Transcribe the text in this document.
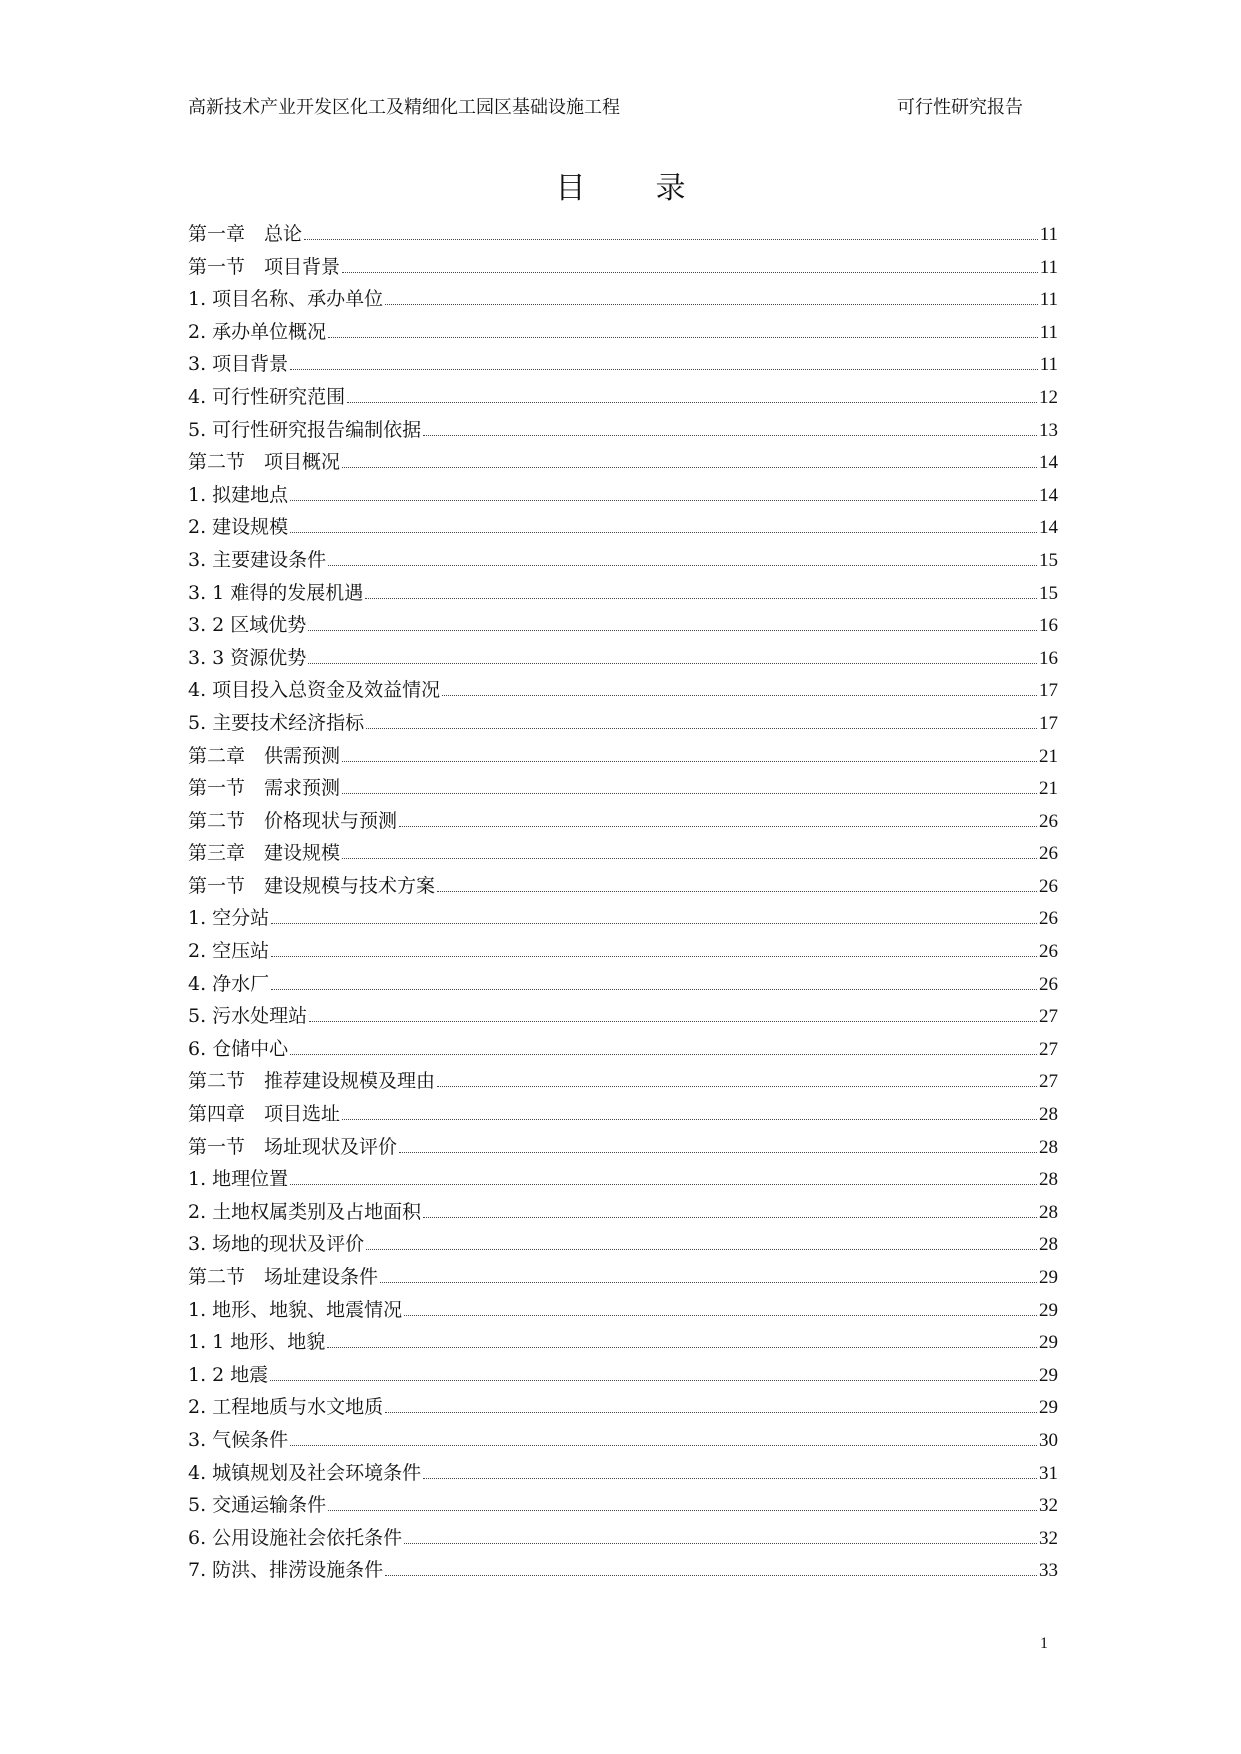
高新技术产业开发区化工及精细化工园区基础设施工程	可行性研究报告
目录
第一章　总论	11
第一节　项目背景	11
1. 项目名称、承办单位	11
2. 承办单位概况	11
3. 项目背景	11
4. 可行性研究范围	12
5. 可行性研究报告编制依据	13
第二节　项目概况	14
1. 拟建地点	14
2. 建设规模	14
3. 主要建设条件	15
3. 1 难得的发展机遇	15
3. 2 区域优势	16
3. 3 资源优势	16
4. 项目投入总资金及效益情况	17
5. 主要技术经济指标	17
第二章　供需预测	21
第一节　需求预测	21
第二节　价格现状与预测	26
第三章　建设规模	26
第一节　建设规模与技术方案	26
1. 空分站	26
2. 空压站	26
4. 净水厂	26
5. 污水处理站	27
6. 仓储中心	27
第二节　推荐建设规模及理由	27
第四章　项目选址	28
第一节　场址现状及评价	28
1. 地理位置	28
2. 土地权属类别及占地面积	28
3. 场地的现状及评价	28
第二节　场址建设条件	29
1. 地形、地貌、地震情况	29
1. 1 地形、地貌	29
1. 2 地震	29
2. 工程地质与水文地质	29
3. 气候条件	30
4. 城镇规划及社会环境条件	31
5. 交通运输条件	32
6. 公用设施社会依托条件	32
7. 防洪、排涝设施条件	33
1
